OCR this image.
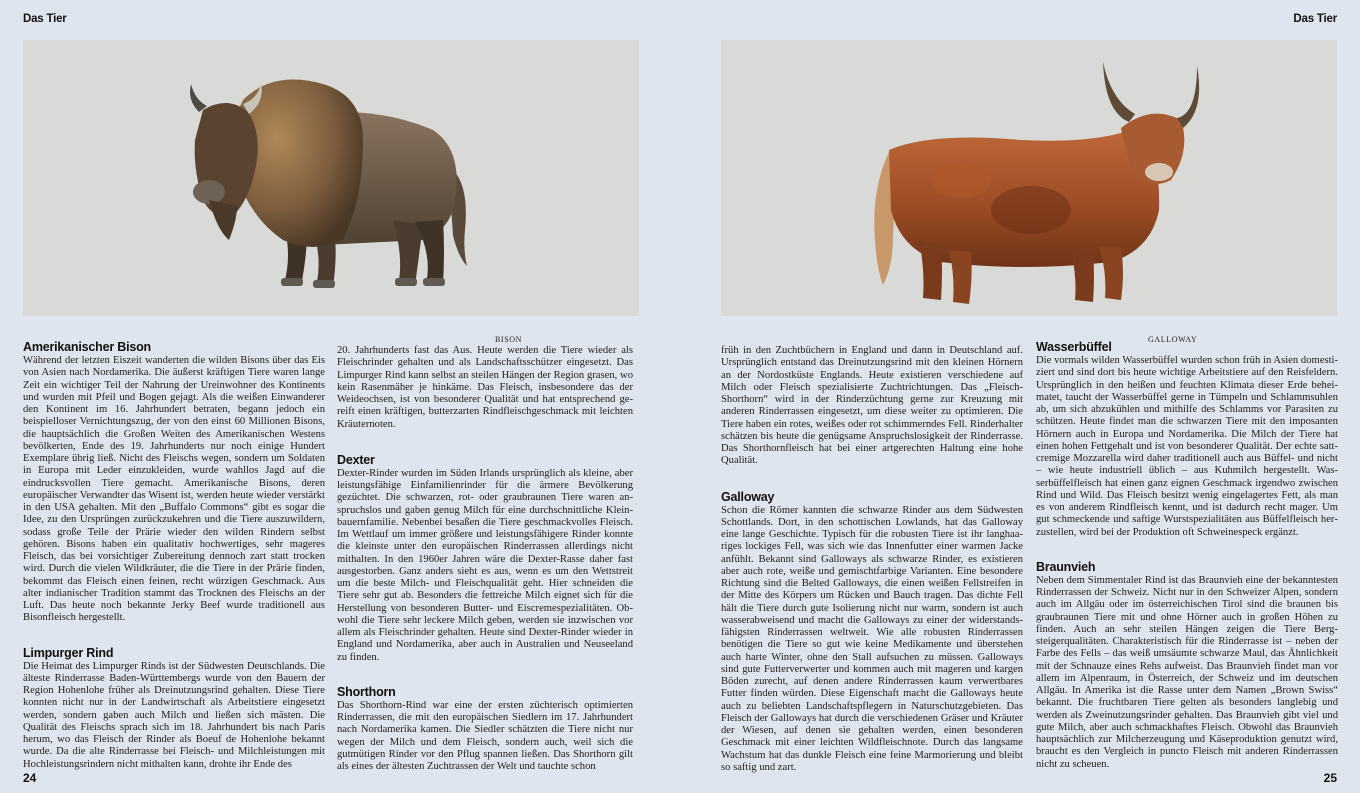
Das Tier	Das Tier
BISON	GALLOWAY
Amerikanischer Bison

Während der letzten Eiszeit wanderten die wilden Bisons über das Eis von Asien nach Nordamerika. Die äußerst kräftigen Tiere waren lange Zeit ein wichtiger Teil der Nahrung der Ureinwohner des Kontinents und wurden mit Pfeil und Bogen gejagt. Als die weißen Einwanderer den Kontinent im 16. Jahrhundert betraten, begann jedoch ein beispielloser Vernichtungszug, der von den einst 60 Millionen Bisons, die hauptsächlich die Großen Weiten des Amerikanischen Westens bevölkerten, Ende des 19. Jahrhunderts nur noch einige Hundert Exemplare übrig ließ. Nicht des Fleischs wegen, sondern um Soldaten in Europa mit Leder einzukleiden, wurde wahllos Jagd auf die eindrucksvollen Tiere gemacht. Amerikanische Bisons, deren europäischer Verwandter das Wisent ist, werden heute wieder verstärkt in den USA gehalten. Mit den „Buffalo Commons“ gibt es sogar die Idee, zu den Ursprüngen zurückzukehren und die Tiere auszuwildern, sodass große Teile der Prärie wieder den wilden Rindern selbst gehören. Bisons haben ein qualitativ hochwertiges, sehr mageres Fleisch, das bei vorsichtiger Zubereitung dennoch zart statt trocken wird. Durch die vielen Wildkräuter, die die Tiere in der Prärie finden, bekommt das Fleisch einen feinen, recht würzigen Geschmack. Aus alter indianischer Tradition stammt das Trocknen des Fleischs an der Luft. Das heute noch bekannte Jerky Beef wurde traditionell aus Bisonfleisch hergestellt.

Limpurger Rind

Die Heimat des Limpurger Rinds ist der Südwesten Deutschlands. Die älteste Rinderrasse Baden-Württembergs wurde von den Bauern der Region Hohenlohe früher als Dreinutzungsrind gehalten. Diese Tiere konnten nicht nur in der Landwirtschaft als Arbeitstiere eingesetzt werden, sondern gaben auch Milch und ließen sich mästen. Die Qualität des Fleischs sprach sich im 18. Jahrhundert bis nach Paris herum, wo das Fleisch der Rinder als Boeuf de Hohenlohe bekannt wurde. Da die alte Rinderrasse bei Fleisch- und Milchleistungen mit Hochleistungsrindern nicht mithalten kann, drohte ihr Ende des

20. Jahrhunderts fast das Aus. Heute werden die Tiere wieder als Fleischrinder gehalten und als Landschaftsschützer eingesetzt. Das Limpurger Rind kann selbst an steilen Hängen der Region grasen, wo kein Rasenmäher je hinkäme. Das Fleisch, insbesondere das der Weideochsen, ist von besonderer Qualität und hat entsprechend gereift einen kräftigen, butterzarten Rindfleischgeschmack mit leichten Kräuternoten.

Dexter

Dexter-Rinder wurden im Süden Irlands ursprünglich als kleine, aber leistungsfähige Einfamilienrinder für die ärmere Bevölkerung gezüchtet. Die schwarzen, rot- oder graubraunen Tiere waren anspruchslos und gaben genug Milch für eine durchschnittliche Kleinbauernfamilie. Nebenbei besaßen die Tiere geschmackvolles Fleisch. Im Wettlauf um immer größere und leistungsfähigere Rinder konnte die kleinste unter den europäischen Rinderrassen allerdings nicht mithalten. In den 1960er Jahren wäre die Dexter-Rasse daher fast ausgestorben. Ganz anders sieht es aus, wenn es um den Wettstreit um die beste Milch- und Fleischqualität geht. Hier schneiden die Tiere sehr gut ab. Besonders die fettreiche Milch eignet sich für die Herstellung von besonderen Butter- und Eiscremespezialitäten. Obwohl die Tiere sehr leckere Milch geben, werden sie inzwischen vor allem als Fleischrinder gehalten. Heute sind Dexter-Rinder wieder in England und Nordamerika, aber auch in Australien und Neuseeland zu finden.

Shorthorn

Das Shorthorn-Rind war eine der ersten züchterisch optimierten Rinderrassen, die mit den europäischen Siedlern im 17. Jahrhundert nach Nordamerika kamen. Die Siedler schätzten die Tiere nicht nur wegen der Milch und dem Fleisch, sondern auch, weil sich die gutmütigen Rinder vor den Pflug spannen ließen. Das Shorthorn gilt als eines der ältesten Zuchtrassen der Welt und tauchte schon

früh in den Zuchtbüchern in England und dann in Deutschland auf. Ursprünglich entstand das Dreinutzungsrind mit den kleinen Hörnern an der Nordostküste Englands. Heute existieren verschiedene auf Milch oder Fleisch spezialisierte Zuchtrichtungen. Das „Fleisch-Shorthorn“ wird in der Rinderzüchtung gerne zur Kreuzung mit anderen Rinderrassen eingesetzt, um diese weiter zu optimieren. Die Tiere haben ein rotes, weißes oder rot schimmerndes Fell. Rinderhalter schätzen bis heute die genügsame Anspruchslosigkeit der Rinderrasse. Das Shorthornfleisch hat bei einer artgerechten Haltung eine hohe Qualität.

Galloway

Schon die Römer kannten die schwarze Rinder aus dem Südwesten Schottlands. Dort, in den schottischen Lowlands, hat das Galloway eine lange Geschichte. Typisch für die robusten Tiere ist ihr langhaariges lockiges Fell, was sich wie das Innenfutter einer warmen Jacke anfühlt. Bekannt sind Galloways als schwarze Rinder, es existieren aber auch rote, weiße und gemischtfarbige Varianten. Eine besondere Richtung sind die Belted Galloways, die einen weißen Fellstreifen in der Mitte des Körpers um Rücken und Bauch tragen. Das dichte Fell hält die Tiere durch gute Isolierung nicht nur warm, sondern ist auch wasserabweisend und macht die Galloways zu einer der widerstandsfähigsten Rinderrassen weltweit. Wie alle robusten Rinderrassen benötigen die Tiere so gut wie keine Medikamente und überstehen auch harte Winter, ohne den Stall aufsuchen zu müssen. Galloways sind gute Futterverwerter und kommen auch mit mageren und kargen Böden zurecht, auf denen andere Rinderrassen kaum verwertbares Futter finden würden. Diese Eigenschaft macht die Galloways heute auch zu beliebten Landschaftspflegern in Naturschutzgebieten. Das Fleisch der Galloways hat durch die verschiedenen Gräser und Kräuter der Wiesen, auf denen sie gehalten werden, einen besonderen Geschmack mit einer leichten Wildfleischnote. Durch das langsame Wachstum hat das dunkle Fleisch eine feine Marmorierung und bleibt so saftig und zart.

Wasserbüffel

Die vormals wilden Wasserbüffel wurden schon früh in Asien domestiziert und sind dort bis heute wichtige Arbeitstiere auf den Reisfeldern. Ursprünglich in den heißen und feuchten Klimata dieser Erde beheimatet, taucht der Wasserbüffel gerne in Tümpeln und Schlammsuhlen ab, um sich abzukühlen und mithilfe des Schlamms vor Parasiten zu schützen. Heute findet man die schwarzen Tiere mit den imposanten Hörnern auch in Europa und Nordamerika. Die Milch der Tiere hat einen hohen Fettgehalt und ist von besonderer Qualität. Der echte satt-cremige Mozzarella wird daher traditionell auch aus Büffel- und nicht – wie heute industriell üblich – aus Kuhmilch hergestellt. Wasserbüffelfleisch hat einen ganz eignen Geschmack irgendwo zwischen Rind und Wild. Das Fleisch besitzt wenig eingelagertes Fett, als man es von anderem Rindfleisch kennt, und ist dadurch recht mager. Um gut schmeckende und saftige Wurstspezialitäten aus Büffelfleisch herzustellen, wird bei der Produktion oft Schweinespeck ergänzt.

Braunvieh

Neben dem Simmentaler Rind ist das Braunvieh eine der bekanntesten Rinderrassen der Schweiz. Nicht nur in den Schweizer Alpen, sondern auch im Allgäu oder im österreichischen Tirol sind die braunen bis graubraunen Tiere mit und ohne Hörner auch in großen Höhen zu finden. Auch an sehr steilen Hängen zeigen die Tiere Bergsteigerqualitäten. Charakteristisch für die Rinderrasse ist – neben der Farbe des Fells – das weiß umsäumte schwarze Maul, das Ähnlichkeit mit der Schnauze eines Rehs aufweist. Das Braunvieh findet man vor allem im Alpenraum, in Österreich, der Schweiz und im deutschen Allgäu. In Amerika ist die Rasse unter dem Namen „Brown Swiss“ bekannt. Die fruchtbaren Tiere gelten als besonders langlebig und werden als Zweinutzungsrinder gehalten. Das Braunvieh gibt viel und gute Milch, aber auch schmackhaftes Fleisch. Obwohl das Braunvieh hauptsächlich zur Milcherzeugung und Käseproduktion genutzt wird, braucht es den Vergleich in puncto Fleisch mit anderen Rinderrassen nicht zu scheuen.

24	25
